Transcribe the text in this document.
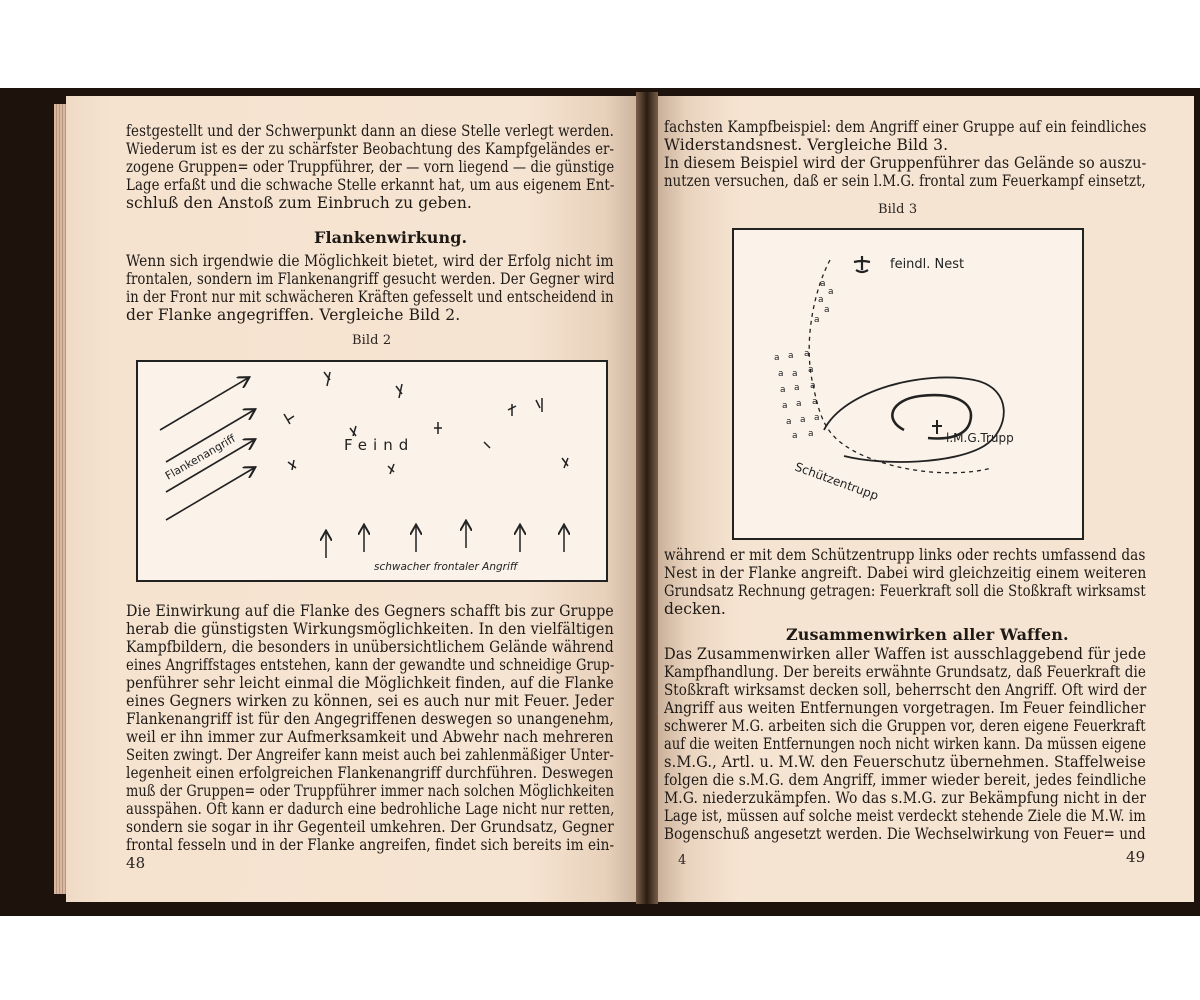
festgestellt und der Schwerpunkt dann an diese Stelle verlegt werden.
Wiederum ist es der zu schärfster Beobachtung des Kampfgeländes er-
zogene Gruppen= oder Truppführer, der — vorn liegend — die günstige
Lage erfaßt und die schwache Stelle erkannt hat, um aus eigenem Ent-
schluß den Anstoß zum Einbruch zu geben.
Flankenwirkung.
Wenn sich irgendwie die Möglichkeit bietet, wird der Erfolg nicht im
frontalen, sondern im Flankenangriff gesucht werden. Der Gegner wird
in der Front nur mit schwächeren Kräften gefesselt und entscheidend in
der Flanke angegriffen. Vergleiche Bild 2.
Bild 2
Flankenangriff	Feind
schwacher frontaler Angriff
Die Einwirkung auf die Flanke des Gegners schafft bis zur Gruppe
herab die günstigsten Wirkungsmöglichkeiten. In den vielfältigen
Kampfbildern, die besonders in unübersichtlichem Gelände während
eines Angriffstages entstehen, kann der gewandte und schneidige Grup-
penführer sehr leicht einmal die Möglichkeit finden, auf die Flanke
eines Gegners wirken zu können, sei es auch nur mit Feuer. Jeder
Flankenangriff ist für den Angegriffenen deswegen so unangenehm,
weil er ihn immer zur Aufmerksamkeit und Abwehr nach mehreren
Seiten zwingt. Der Angreifer kann meist auch bei zahlenmäßiger Unter-
legenheit einen erfolgreichen Flankenangriff durchführen. Deswegen
muß der Gruppen= oder Truppführer immer nach solchen Möglichkeiten
ausspähen. Oft kann er dadurch eine bedrohliche Lage nicht nur retten,
sondern sie sogar in ihr Gegenteil umkehren. Der Grundsatz, Gegner
frontal fesseln und in der Flanke angreifen, findet sich bereits im ein-
48
fachsten Kampfbeispiel: dem Angriff einer Gruppe auf ein feindliches
Widerstandsnest. Vergleiche Bild 3.
In diesem Beispiel wird der Gruppenführer das Gelände so auszu-
nutzen versuchen, daß er sein l.M.G. frontal zum Feuerkampf einsetzt,
Bild 3
feindl. Nest
a
a
a
a
a
a a a
a a a
a a a
a a a
a a a
a a	l.M.G.Trupp
Schützentrupp
während er mit dem Schützentrupp links oder rechts umfassend das
Nest in der Flanke angreift. Dabei wird gleichzeitig einem weiteren
Grundsatz Rechnung getragen: Feuerkraft soll die Stoßkraft wirksamst
decken.
Zusammenwirken aller Waffen.
Das Zusammenwirken aller Waffen ist ausschlaggebend für jede
Kampfhandlung. Der bereits erwähnte Grundsatz, daß Feuerkraft die
Stoßkraft wirksamst decken soll, beherrscht den Angriff. Oft wird der
Angriff aus weiten Entfernungen vorgetragen. Im Feuer feindlicher
schwerer M.G. arbeiten sich die Gruppen vor, deren eigene Feuerkraft
auf die weiten Entfernungen noch nicht wirken kann. Da müssen eigene
s.M.G., Artl. u. M.W. den Feuerschutz übernehmen. Staffelweise
folgen die s.M.G. dem Angriff, immer wieder bereit, jedes feindliche
M.G. niederzukämpfen. Wo das s.M.G. zur Bekämpfung nicht in der
Lage ist, müssen auf solche meist verdeckt stehende Ziele die M.W. im
Bogenschuß angesetzt werden. Die Wechselwirkung von Feuer= und
4	49
